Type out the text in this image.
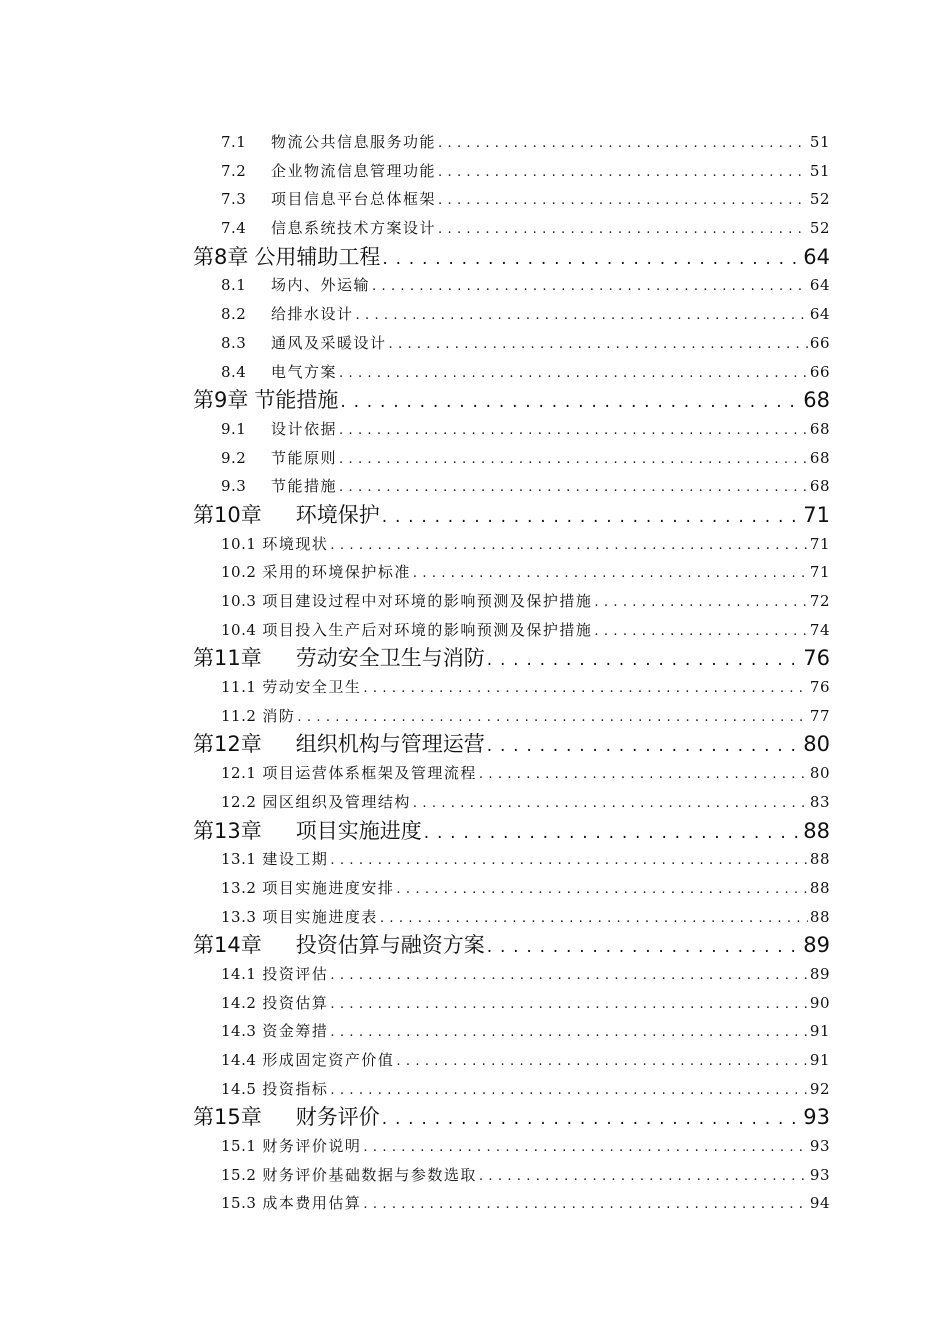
7.1	物流公共信息服务功能 . . .	51
7.2	企业物流信息管理功能 . . .	51
7.3	项目信息平台总体框架 . . .	52
7.4	信息系统技术方案设计 . . .	52
第8章 公用辅助工程 . . .	64
8.1	场内、外运输 . . .	64
8.2	给排水设计 . . .	64
8.3	通风及采暖设计 . . .	66
8.4	电气方案 . . .	66
第9章 节能措施 . . .	68
9.1	设计依据 . . .	68
9.2	节能原则 . . .	68
9.3	节能措施 . . .	68
第10章 环境保护 . . .	71
10.1 环境现状 . . .	71
10.2 采用的环境保护标准 . . .	71
10.3 项目建设过程中对环境的影响预测及保护措施 . . .	72
10.4 项目投入生产后对环境的影响预测及保护措施 . . .	74
第11章 劳动安全卫生与消防 . . .	76
11.1 劳动安全卫生 . . .	76
11.2 消防 . . .	77
第12章 组织机构与管理运营 . . .	80
12.1 项目运营体系框架及管理流程 . . .	80
12.2 园区组织及管理结构 . . .	83
第13章 项目实施进度 . . .	88
13.1 建设工期 . . .	88
13.2 项目实施进度安排 . . .	88
13.3 项目实施进度表 . . .	88
第14章 投资估算与融资方案 . . .	89
14.1 投资评估 . . .	89
14.2 投资估算 . . .	90
14.3 资金筹措 . . .	91
14.4 形成固定资产价值 . . .	91
14.5 投资指标 . . .	92
第15章 财务评价 . . .	93
15.1 财务评价说明 . . .	93
15.2 财务评价基础数据与参数选取 . . .	93
15.3 成本费用估算 . . .	94
